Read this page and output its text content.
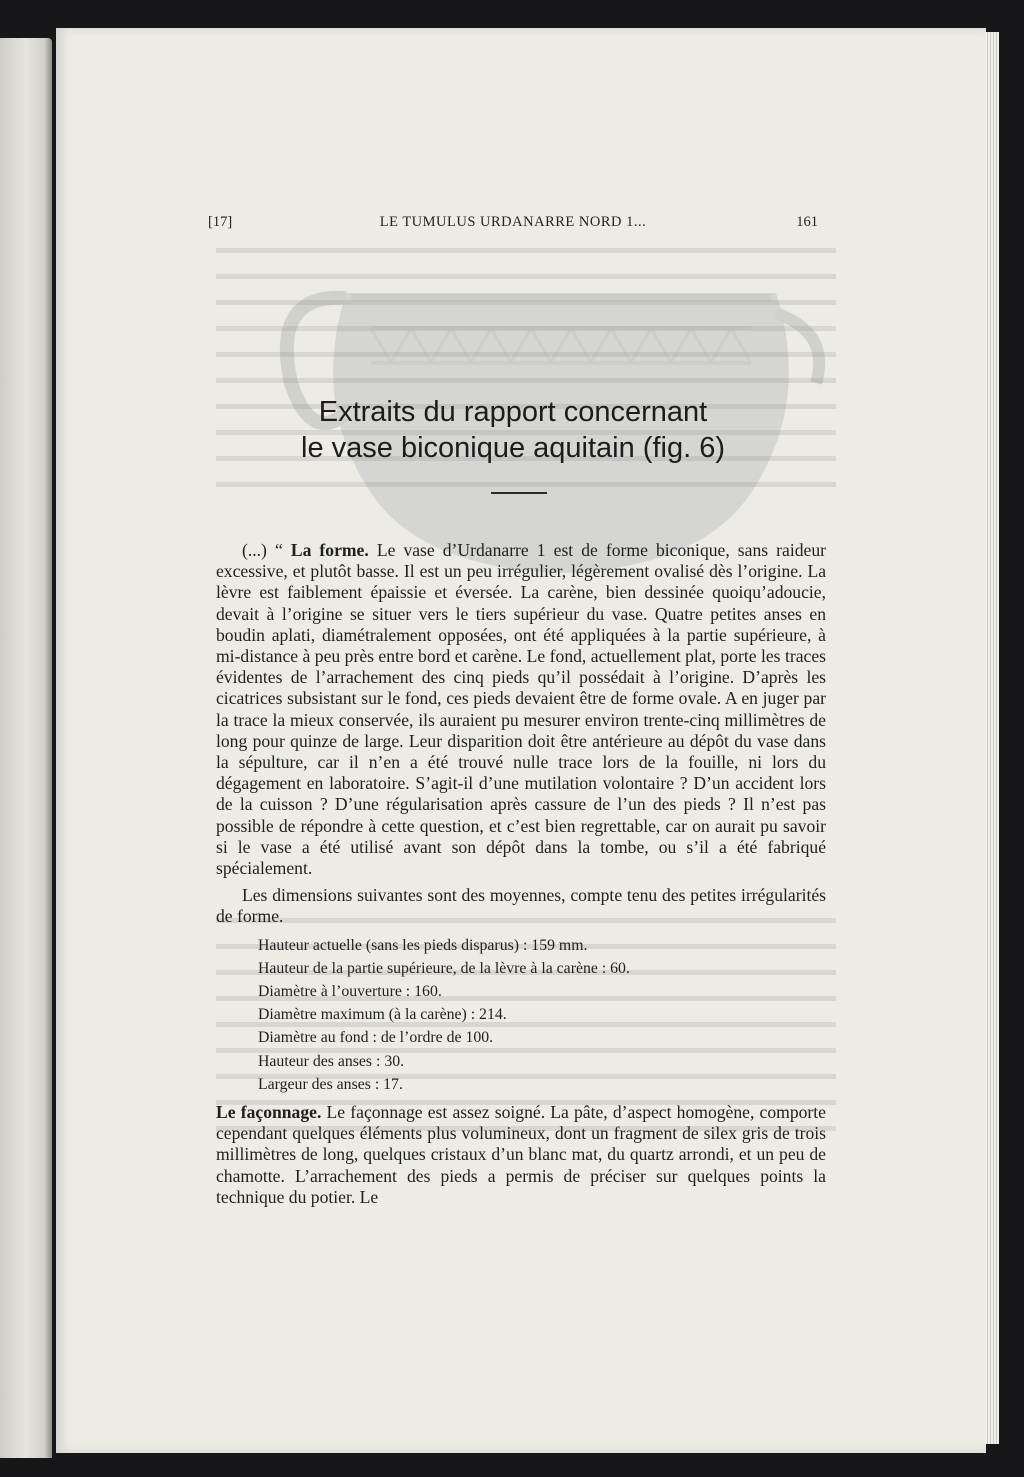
[17]	LE TUMULUS URDANARRE NORD 1...	161
Extraits du rapport concernant
le vase biconique aquitain (fig. 6)

(...) “ La forme. Le vase d’Urdanarre 1 est de forme biconique, sans raideur excessive, et plutôt basse. Il est un peu irrégulier, légèrement ovalisé dès l’origine. La lèvre est faiblement épaissie et éversée. La carène, bien dessinée quoiqu’adoucie, devait à l’origine se situer vers le tiers supérieur du vase. Quatre petites anses en boudin aplati, diamétralement opposées, ont été appliquées à la partie supérieure, à mi-distance à peu près entre bord et carène. Le fond, actuellement plat, porte les traces évidentes de l’arrachement des cinq pieds qu’il possédait à l’origine. D’après les cicatrices subsistant sur le fond, ces pieds devaient être de forme ovale. A en juger par la trace la mieux conservée, ils auraient pu mesurer environ trente-cinq millimètres de long pour quinze de large. Leur disparition doit être antérieure au dépôt du vase dans la sépulture, car il n’en a été trouvé nulle trace lors de la fouille, ni lors du dégagement en laboratoire. S’agit-il d’une mutilation volontaire ? D’un accident lors de la cuisson ? D’une régularisation après cassure de l’un des pieds ? Il n’est pas possible de répondre à cette question, et c’est bien regrettable, car on aurait pu savoir si le vase a été utilisé avant son dépôt dans la tombe, ou s’il a été fabriqué spécialement.

Les dimensions suivantes sont des moyennes, compte tenu des petites irrégularités de forme.

Hauteur actuelle (sans les pieds disparus) : 159 mm.
Hauteur de la partie supérieure, de la lèvre à la carène : 60.
Diamètre à l’ouverture : 160.
Diamètre maximum (à la carène) : 214.
Diamètre au fond : de l’ordre de 100.
Hauteur des anses : 30.
Largeur des anses : 17.

Le façonnage. Le façonnage est assez soigné. La pâte, d’aspect homogène, comporte cependant quelques éléments plus volumineux, dont un fragment de silex gris de trois millimètres de long, quelques cristaux d’un blanc mat, du quartz arrondi, et un peu de chamotte. L’arrachement des pieds a permis de préciser sur quelques points la technique du potier. Le
